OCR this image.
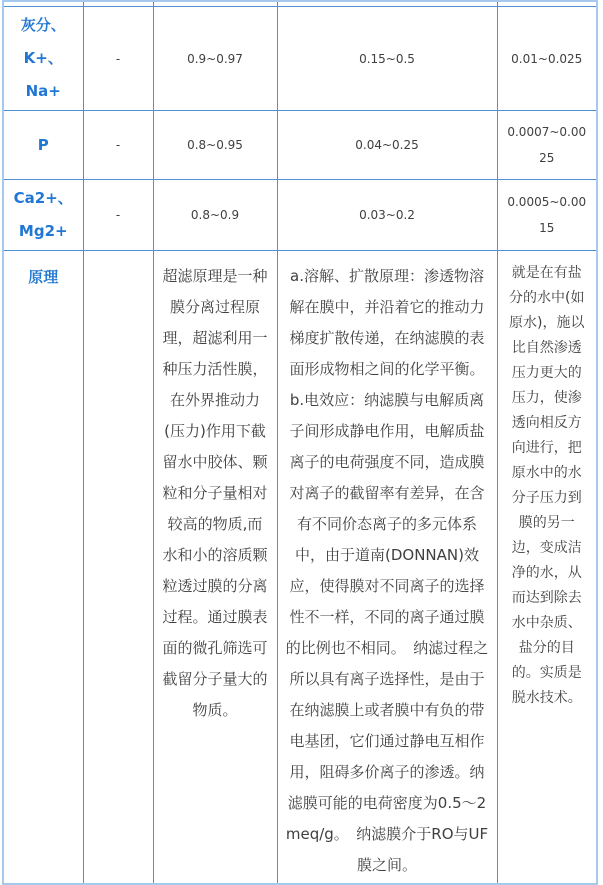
灰分、K+、Na+	-	0.9~0.97	0.15~0.5	0.01~0.025
P	-	0.8~0.95	0.04~0.25	0.0007~0.0025
Ca2+、Mg2+	-	0.8~0.9	0.03~0.2	0.0005~0.0015
原理		超滤原理是一种膜分离过程原理，超滤利用一种压力活性膜，在外界推动力(压力)作用下截留水中胶体、颗粒和分子量相对较高的物质,而水和小的溶质颗粒透过膜的分离过程。通过膜表面的微孔筛选可截留分子量大的物质。	a.溶解、扩散原理：渗透物溶解在膜中，并沿着它的推动力梯度扩散传递，在纳滤膜的表面形成物相之间的化学平衡。b.电效应：纳滤膜与电解质离子间形成静电作用，电解质盐离子的电荷强度不同，造成膜对离子的截留率有差异，在含有不同价态离子的多元体系中，由于道南(DONNAN)效应，使得膜对不同离子的选择性不一样，不同的离子通过膜的比例也不相同。　纳滤过程之所以具有离子选择性，是由于在纳滤膜上或者膜中有负的带电基团，它们通过静电互相作用，阻碍多价离子的渗透。纳滤膜可能的电荷密度为0.5～2meq/g。　纳滤膜介于RO与UF膜之间。	就是在有盐分的水中(如原水)，施以比自然渗透压力更大的压力，使渗透向相反方向进行，把原水中的水分子压力到膜的另一边，变成洁净的水，从而达到除去水中杂质、盐分的目的。实质是脱水技术。
